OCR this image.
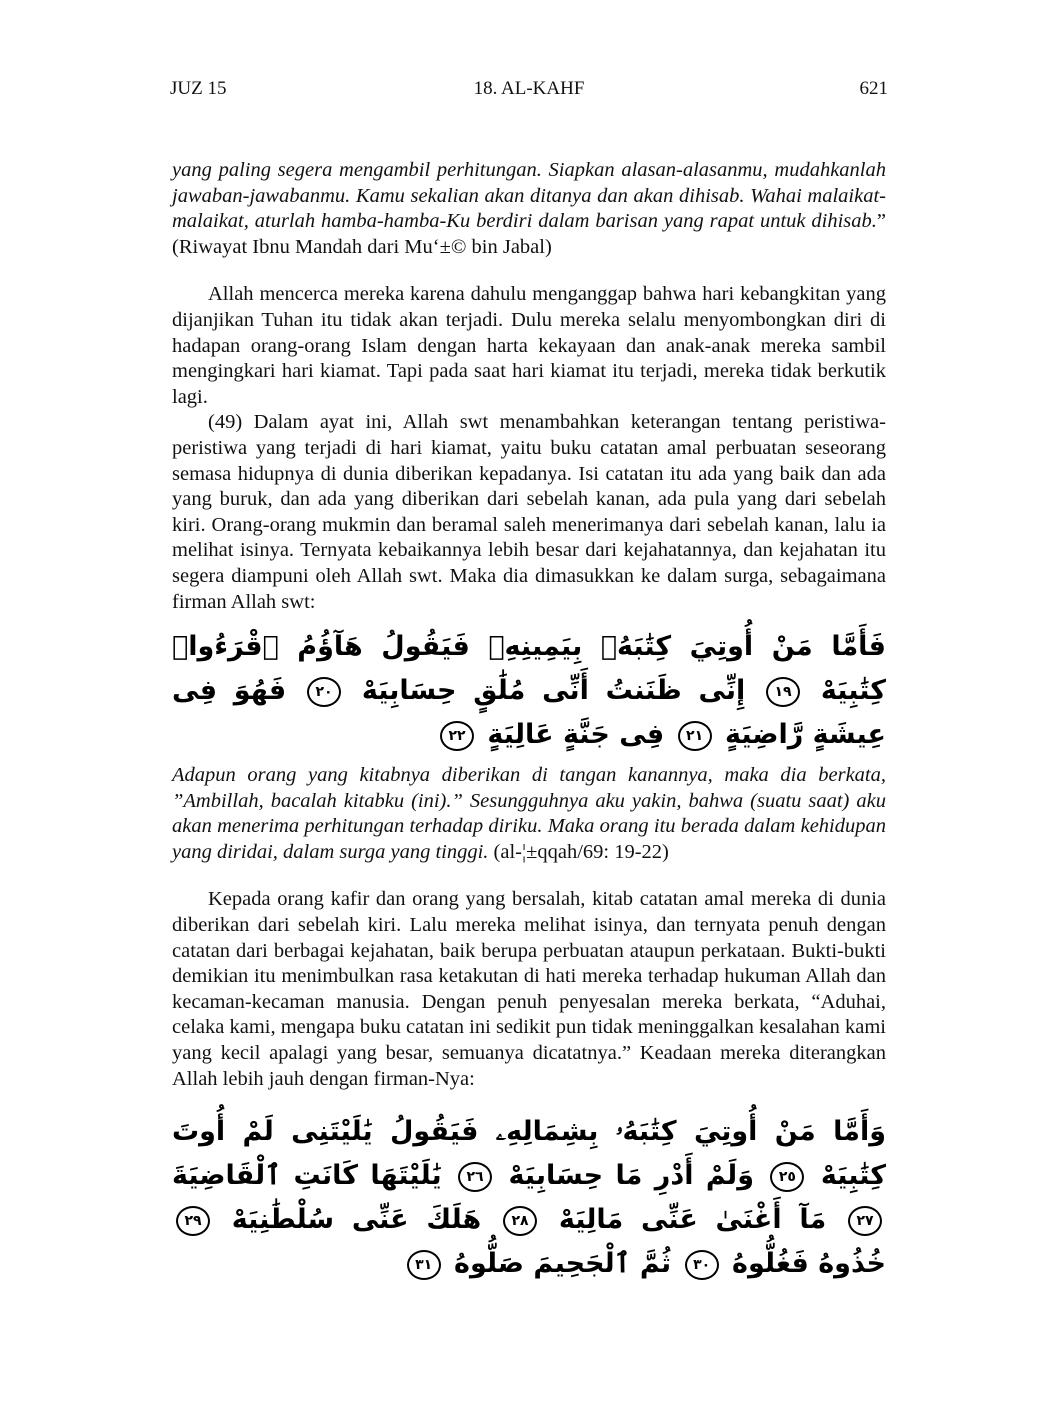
JUZ 15	18. AL-KAHF	621

yang paling segera mengambil perhitungan. Siapkan alasan-alasanmu, mudahkanlah jawaban-jawabanmu. Kamu sekalian akan ditanya dan akan dihisab. Wahai malaikat-malaikat, aturlah hamba-hamba-Ku berdiri dalam barisan yang rapat untuk dihisab.” (Riwayat Ibnu Mandah dari Mu‘±© bin Jabal)

Allah mencerca mereka karena dahulu menganggap bahwa hari kebangkitan yang dijanjikan Tuhan itu tidak akan terjadi. Dulu mereka selalu menyombongkan diri di hadapan orang-orang Islam dengan harta kekayaan dan anak-anak mereka sambil mengingkari hari kiamat. Tapi pada saat hari kiamat itu terjadi, mereka tidak berkutik lagi.

(49) Dalam ayat ini, Allah swt menambahkan keterangan tentang peristiwa-peristiwa yang terjadi di hari kiamat, yaitu buku catatan amal perbuatan seseorang semasa hidupnya di dunia diberikan kepadanya. Isi catatan itu ada yang baik dan ada yang buruk, dan ada yang diberikan dari sebelah kanan, ada pula yang dari sebelah kiri. Orang-orang mukmin dan beramal saleh menerimanya dari sebelah kanan, lalu ia melihat isinya. Ternyata kebaikannya lebih besar dari kejahatannya, dan kejahatan itu segera diampuni oleh Allah swt. Maka dia dimasukkan ke dalam surga, sebagaimana firman Allah swt:

فَأَمَّا مَنْ أُوتِيَ كِتَٰبَهُۥ بِيَمِينِهِۦ فَيَقُولُ هَآؤُمُ ٱقْرَءُوا۟ كِتَٰبِيَهْ ١٩ إِنِّى ظَنَنتُ أَنِّى مُلَٰقٍ حِسَابِيَهْ ٢٠ فَهُوَ فِى عِيشَةٍ رَّاضِيَةٍ ٢١ فِى جَنَّةٍ عَالِيَةٍ ٢٢

Adapun orang yang kitabnya diberikan di tangan kanannya, maka dia berkata, ”Ambillah, bacalah kitabku (ini).” Sesungguhnya aku yakin, bahwa (suatu saat) aku akan menerima perhitungan terhadap diriku. Maka orang itu berada dalam kehidupan yang diridai, dalam surga yang tinggi. (al-¦±qqah/69: 19-22)

Kepada orang kafir dan orang yang bersalah, kitab catatan amal mereka di dunia diberikan dari sebelah kiri. Lalu mereka melihat isinya, dan ternyata penuh dengan catatan dari berbagai kejahatan, baik berupa perbuatan ataupun perkataan. Bukti-bukti demikian itu menimbulkan rasa ketakutan di hati mereka terhadap hukuman Allah dan kecaman-kecaman manusia. Dengan penuh penyesalan mereka berkata, “Aduhai, celaka kami, mengapa buku catatan ini sedikit pun tidak meninggalkan kesalahan kami yang kecil apalagi yang besar, semuanya dicatatnya.” Keadaan mereka diterangkan Allah lebih jauh dengan firman-Nya:

وَأَمَّا مَنْ أُوتِيَ كِتَٰبَهُۥ بِشِمَالِهِۦ فَيَقُولُ يَٰلَيْتَنِى لَمْ أُوتَ كِتَٰبِيَهْ ٢٥ وَلَمْ أَدْرِ مَا حِسَابِيَهْ ٢٦ يَٰلَيْتَهَا كَانَتِ ٱلْقَاضِيَةَ ٢٧ مَآ أَغْنَىٰ عَنِّى مَالِيَهْ ٢٨ هَلَكَ عَنِّى سُلْطَٰنِيَهْ ٢٩ خُذُوهُ فَغُلُّوهُ ٣٠ ثُمَّ ٱلْجَحِيمَ صَلُّوهُ ٣١
